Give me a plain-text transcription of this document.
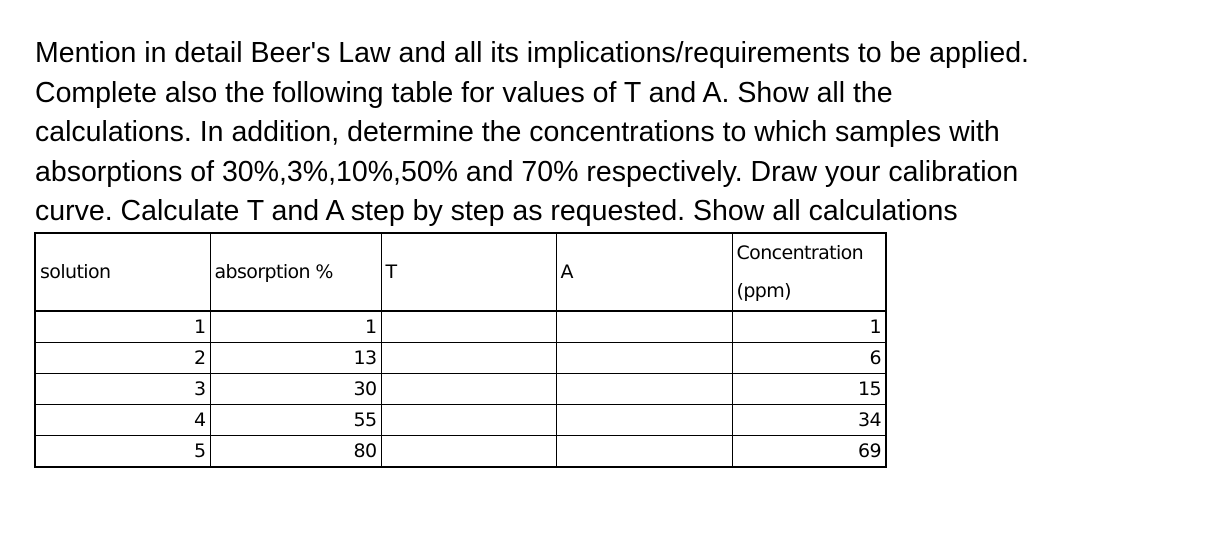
Mention in detail Beer's Law and all its implications/requirements to be applied.
Complete also the following table for values of T and A. Show all the
calculations. In addition, determine the concentrations to which samples with
absorptions of 30%,3%,10%,50% and 70% respectively. Draw your calibration
curve. Calculate T and A step by step as requested. Show all calculations
solution	absorption %	T	A	Concentration (ppm)
1	1			1
2	13			6
3	30			15
4	55			34
5	80			69
